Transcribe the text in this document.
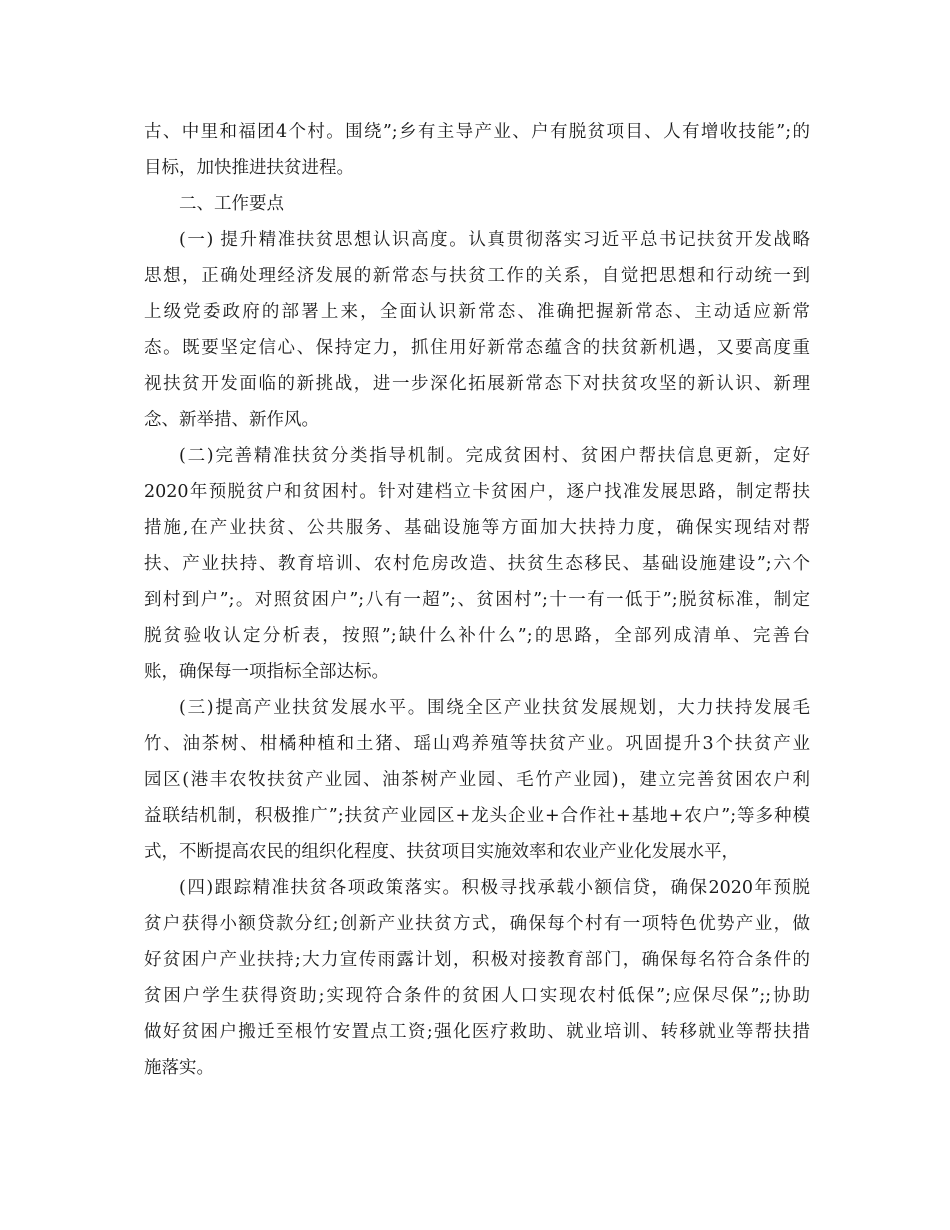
古、中里和福团4个村。围绕”;乡有主导产业、户有脱贫项目、人有增收技能”;的
目标，加快推进扶贫进程。
二、工作要点
(一) 提升精准扶贫思想认识高度。认真贯彻落实习近平总书记扶贫开发战略
思想，正确处理经济发展的新常态与扶贫工作的关系，自觉把思想和行动统一到
上级党委政府的部署上来，全面认识新常态、准确把握新常态、主动适应新常
态。既要坚定信心、保持定力，抓住用好新常态蕴含的扶贫新机遇，又要高度重
视扶贫开发面临的新挑战，进一步深化拓展新常态下对扶贫攻坚的新认识、新理
念、新举措、新作风。
(二)完善精准扶贫分类指导机制。完成贫困村、贫困户帮扶信息更新，定好
2020年预脱贫户和贫困村。针对建档立卡贫困户，逐户找准发展思路，制定帮扶
措施,在产业扶贫、公共服务、基础设施等方面加大扶持力度，确保实现结对帮
扶、产业扶持、教育培训、农村危房改造、扶贫生态移民、基础设施建设”;六个
到村到户”;。对照贫困户”;八有一超”;、贫困村”;十一有一低于”;脱贫标准，制定
脱贫验收认定分析表，按照”;缺什么补什么”;的思路，全部列成清单、完善台
账，确保每一项指标全部达标。
(三)提高产业扶贫发展水平。围绕全区产业扶贫发展规划，大力扶持发展毛
竹、油茶树、柑橘种植和土猪、瑶山鸡养殖等扶贫产业。巩固提升3个扶贫产业
园区(港丰农牧扶贫产业园、油茶树产业园、毛竹产业园)，建立完善贫困农户利
益联结机制，积极推广”;扶贫产业园区+龙头企业+合作社+基地+农户”;等多种模
式，不断提高农民的组织化程度、扶贫项目实施效率和农业产业化发展水平，
(四)跟踪精准扶贫各项政策落实。积极寻找承载小额信贷，确保2020年预脱
贫户获得小额贷款分红;创新产业扶贫方式，确保每个村有一项特色优势产业，做
好贫困户产业扶持;大力宣传雨露计划，积极对接教育部门，确保每名符合条件的
贫困户学生获得资助;实现符合条件的贫困人口实现农村低保”;应保尽保”;;协助
做好贫困户搬迁至根竹安置点工资;强化医疗救助、就业培训、转移就业等帮扶措
施落实。
